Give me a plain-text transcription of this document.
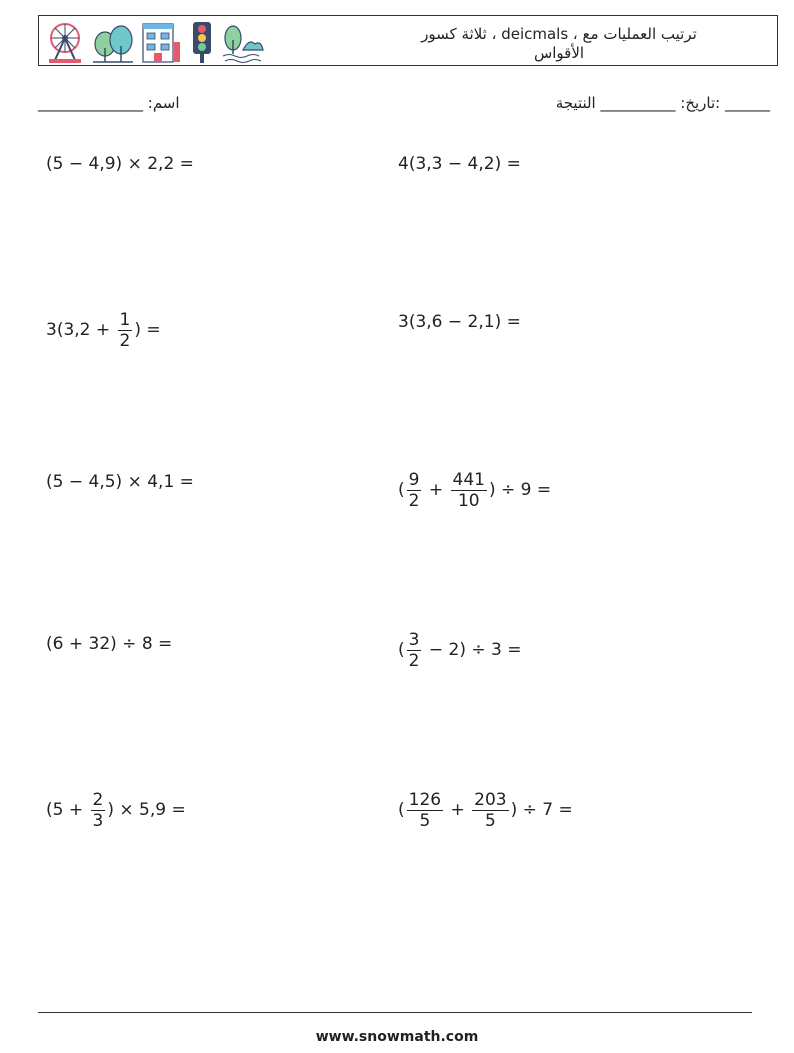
ترتيب العمليات مع ، deicmals ، ثلاثة كسور
الأقواس
اسم: ______________	______ :تاريخ: __________ النتيجة
(5 − 4,9) × 2,2 =	4(3,3 − 4,2) =
$3(3,2 + \frac{1}{2}$ ) =	3(3,6 − 2,1) =
(5 − 4,5) × 4,1 =	( $\frac{9}{2} + \frac{441}{10}$ ) ÷ 9 =
(6 + 32) ÷ 8 =	( $\frac{3}{2} - 2) \div 3$ =
($5 + \frac{2}{3}$ ) × 5,9 =	( $\frac{126}{5} + \frac{203}{5}$ ) ÷ 7 =
www.snowmath.com
